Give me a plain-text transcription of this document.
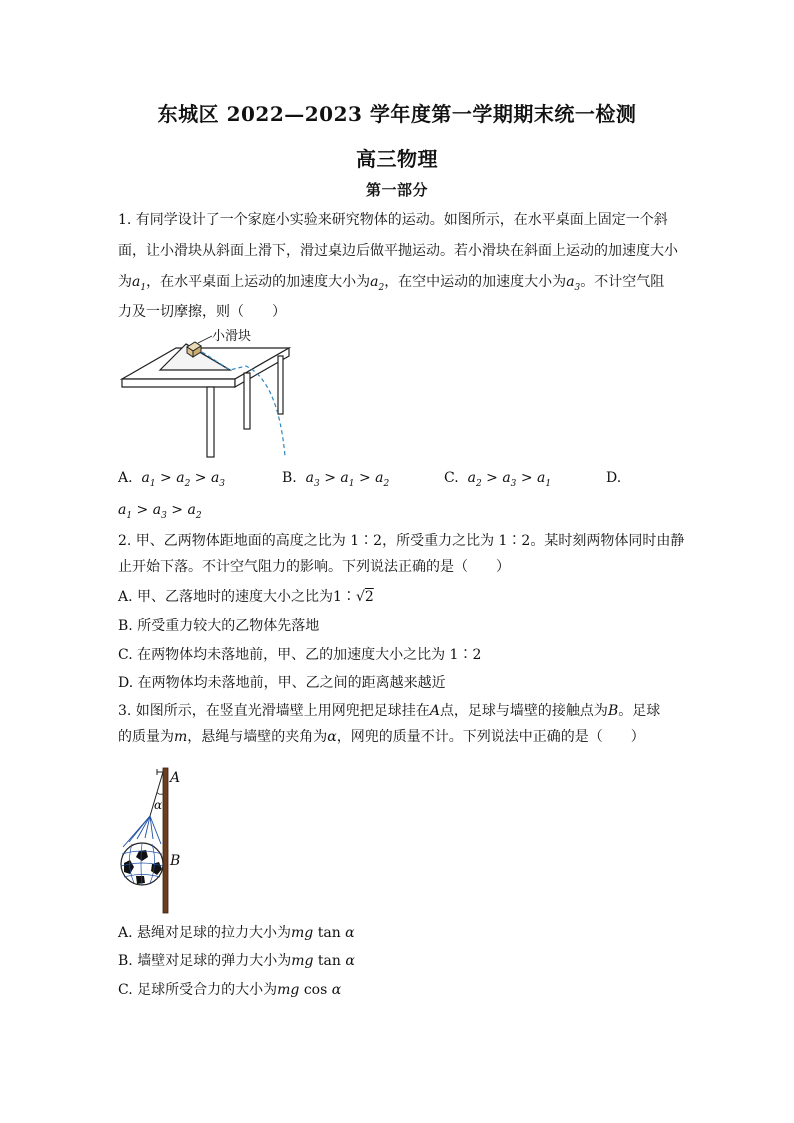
东城区 2022—2023 学年度第一学期期末统一检测
高三物理
第一部分
1. 有同学设计了一个家庭小实验来研究物体的运动。如图所示，在水平桌面上固定一个斜
面，让小滑块从斜面上滑下，滑过桌边后做平抛运动。若小滑块在斜面上运动的加速度大小
为$a_1$，在水平桌面上运动的加速度大小为$a_2$，在空中运动的加速度大小为$a_3$。不计空气阻
力及一切摩擦，则（　　）
小滑块
A. $a_1 > a_2 > a_3$	B. $a_3 > a_1 > a_2$	C. $a_2 > a_3 > a_1$	D.
$a_1 > a_3 > a_2$
2. 甲、乙两物体距地面的高度之比为 1∶2，所受重力之比为 1∶2。某时刻两物体同时由静
止开始下落。不计空气阻力的影响。下列说法正确的是（　　）
A. 甲、乙落地时的速度大小之比为1∶√2
B. 所受重力较大的乙物体先落地
C. 在两物体均未落地前，甲、乙的加速度大小之比为 1∶2
D. 在两物体均未落地前，甲、乙之间的距离越来越近
3. 如图所示，在竖直光滑墙壁上用网兜把足球挂在A点，足球与墙壁的接触点为B。足球
的质量为m，悬绳与墙壁的夹角为α，网兜的质量不计。下列说法中正确的是（　　）
A
B
α
A. 悬绳对足球的拉力大小为mg tan α
B. 墙壁对足球的弹力大小为mg tan α
C. 足球所受合力的大小为mg cos α
